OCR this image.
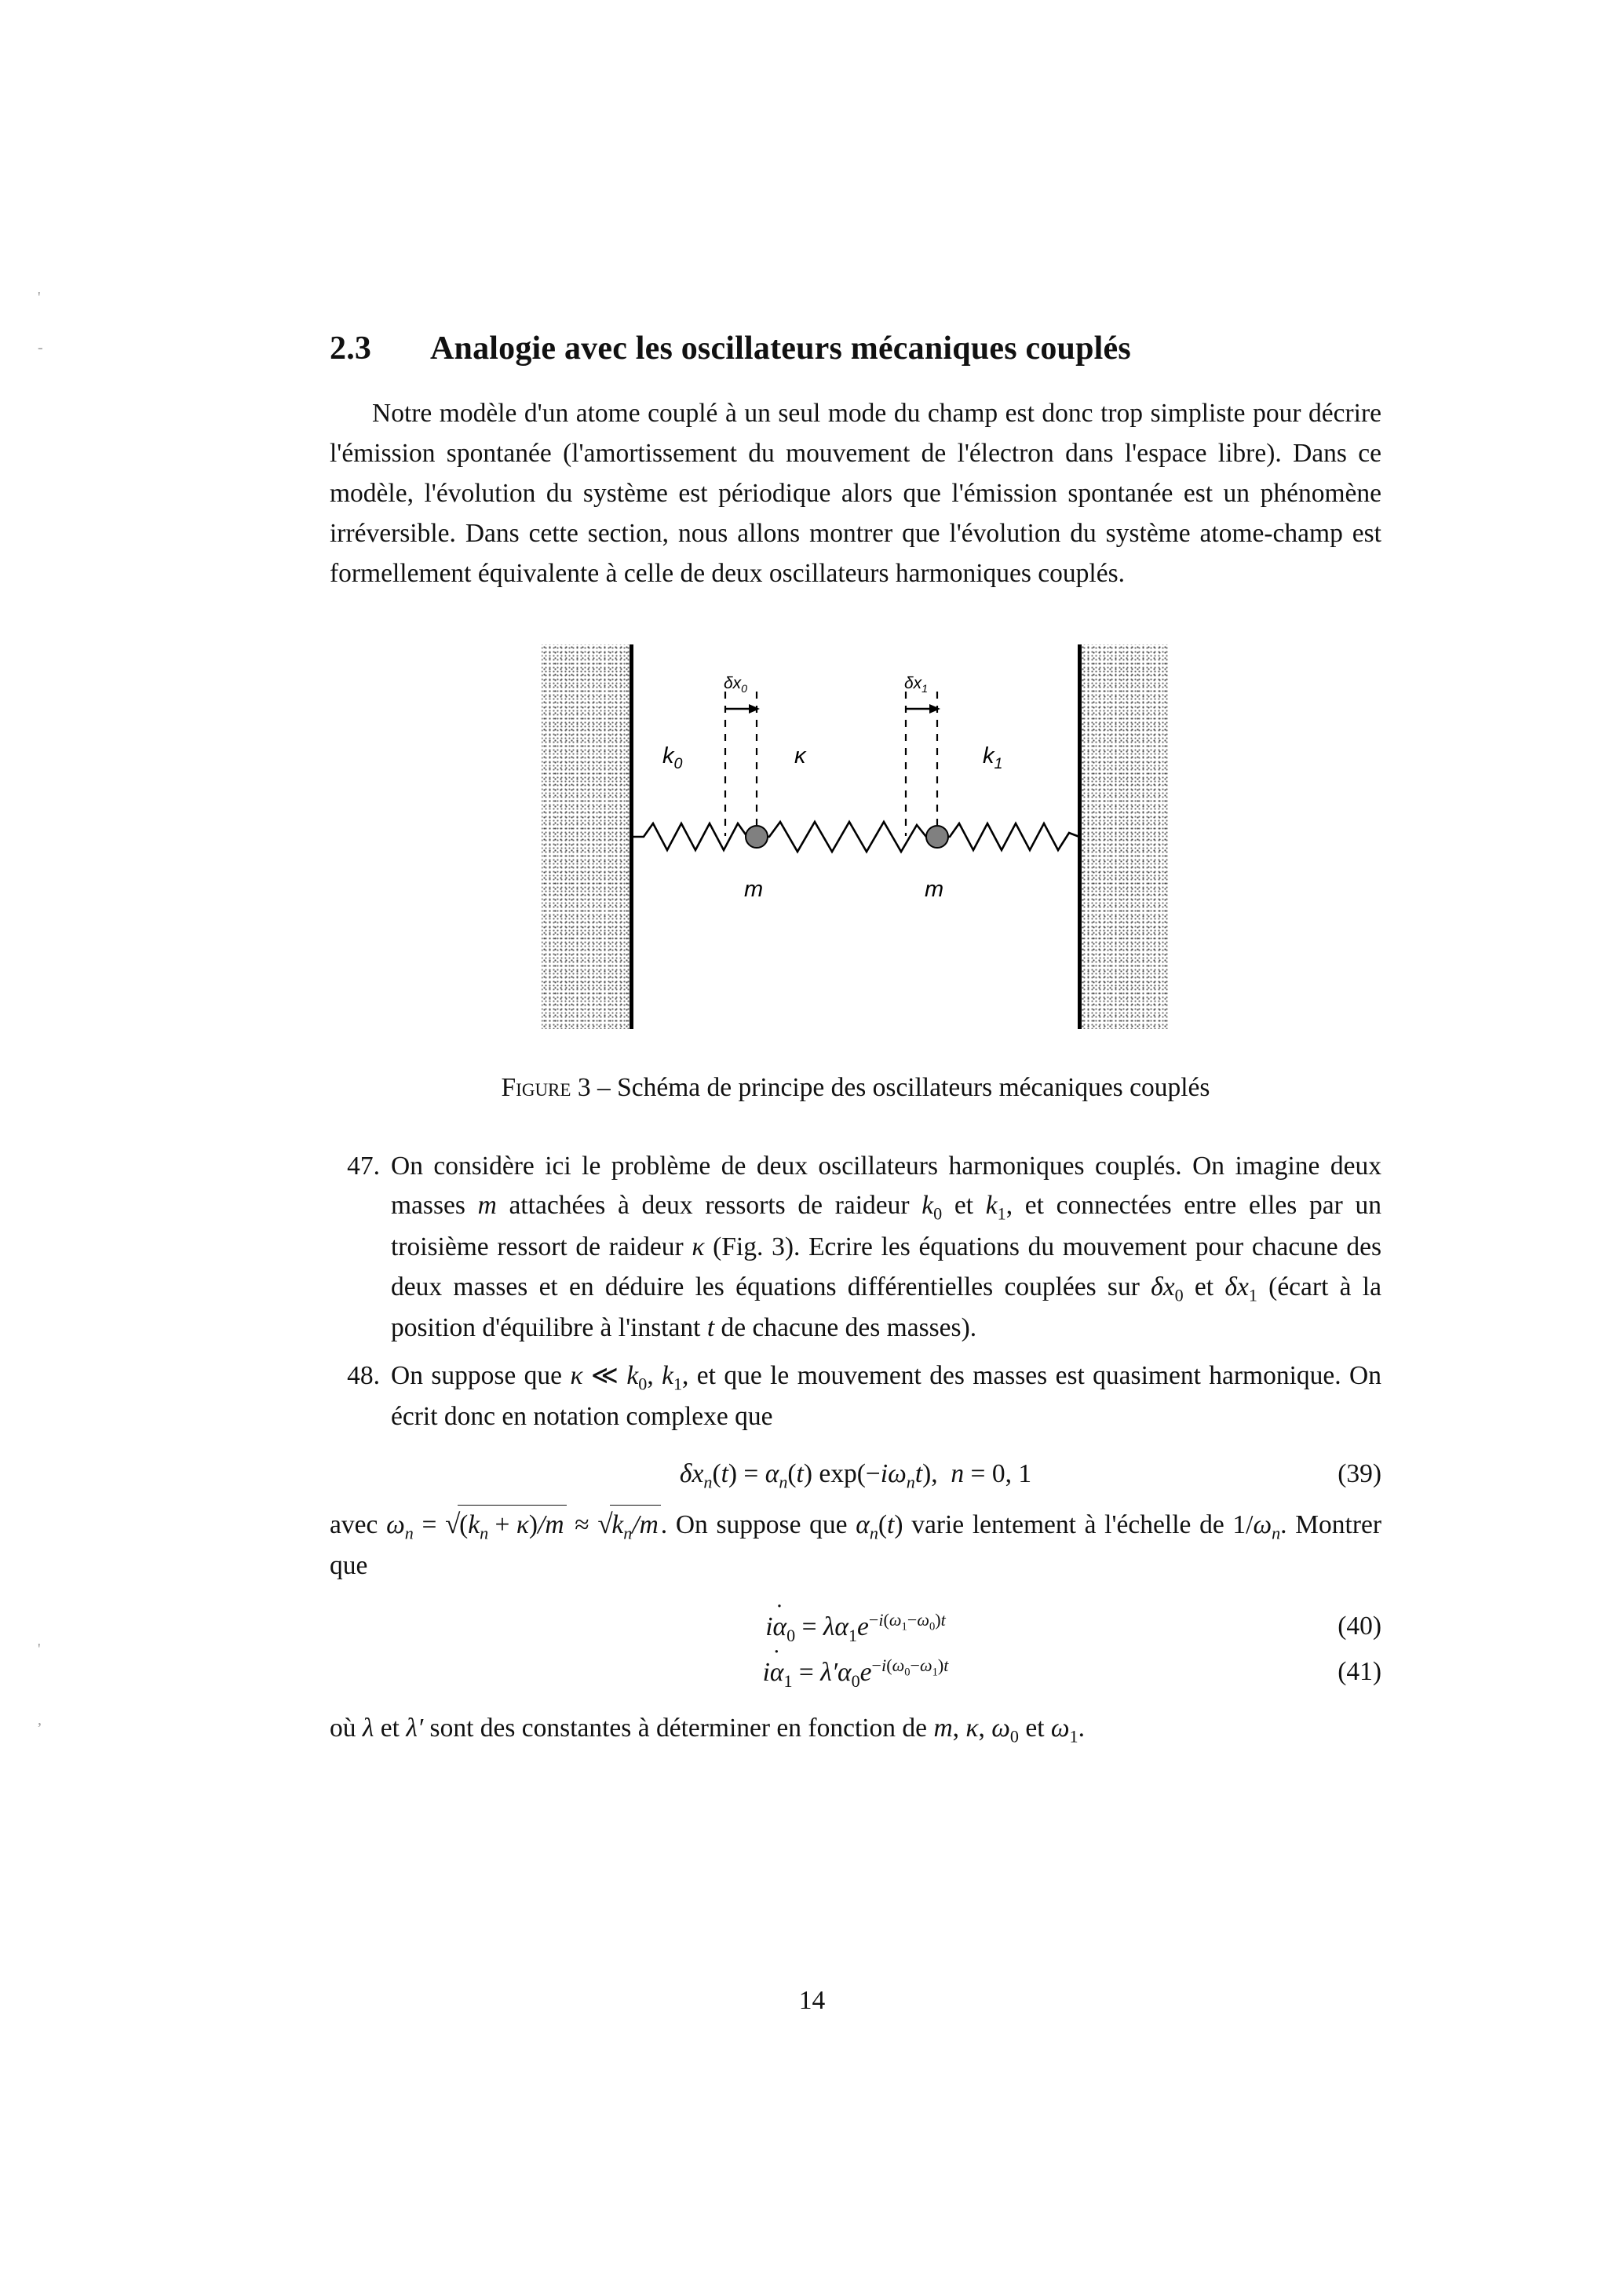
'
-
'
,
2.3 Analogie avec les oscillateurs mécaniques couplés

Notre modèle d'un atome couplé à un seul mode du champ est donc trop simpliste pour décrire l'émission spontanée (l'amortissement du mouvement de l'électron dans l'espace libre). Dans ce modèle, l'évolution du système est périodique alors que l'émission spontanée est un phénomène irréversible. Dans cette section, nous allons montrer que l'évolution du système atome-champ est formellement équivalente à celle de deux oscillateurs harmoniques couplés.

$\delta x_0$	$\delta x_1$
$k_0$	κ	$k_1$
m	m
Figure 3 – Schéma de principe des oscillateurs mécaniques couplés
47. On considère ici le problème de deux oscillateurs harmoniques couplés. On imagine deux masses m attachées à deux ressorts de raideur $k_0$ et $k_1$, et connectées entre elles par un troisième ressort de raideur κ (Fig. 3). Ecrire les équations du mouvement pour chacune des deux masses et en déduire les équations différentielles couplées sur $\delta x_0$ et $\delta x_1$ (écart à la position d'équilibre à l'instant t de chacune des masses).
48. On suppose que κ ≪ $k_0$, $k_1$, et que le mouvement des masses est quasiment harmonique. On écrit donc en notation complexe que
$\delta x_n(t) = \alpha_n(t)$ $\exp(-i\omega_nt)$,  n = 0, 1	(39)

avec $\omega_n$ = √ $(k_n + \kappa)/m$ ≈ √ $k_n/m$. On suppose que $\alpha_n(t)$ varie lentement à l'échelle de $1/\omega_n$. Montrer que

iα $˙_0 = \lambda\alpha_1e^{-i(\omega_1-\omega_0)t}$	(40)
iα $˙_1 = \lambda'\alpha_0e^{-i(\omega_0-\omega_1)t}$	(41)

où λ et λ′ sont des constantes à déterminer en fonction de m, κ, $\omega_0$ et $\omega_1$.

14
